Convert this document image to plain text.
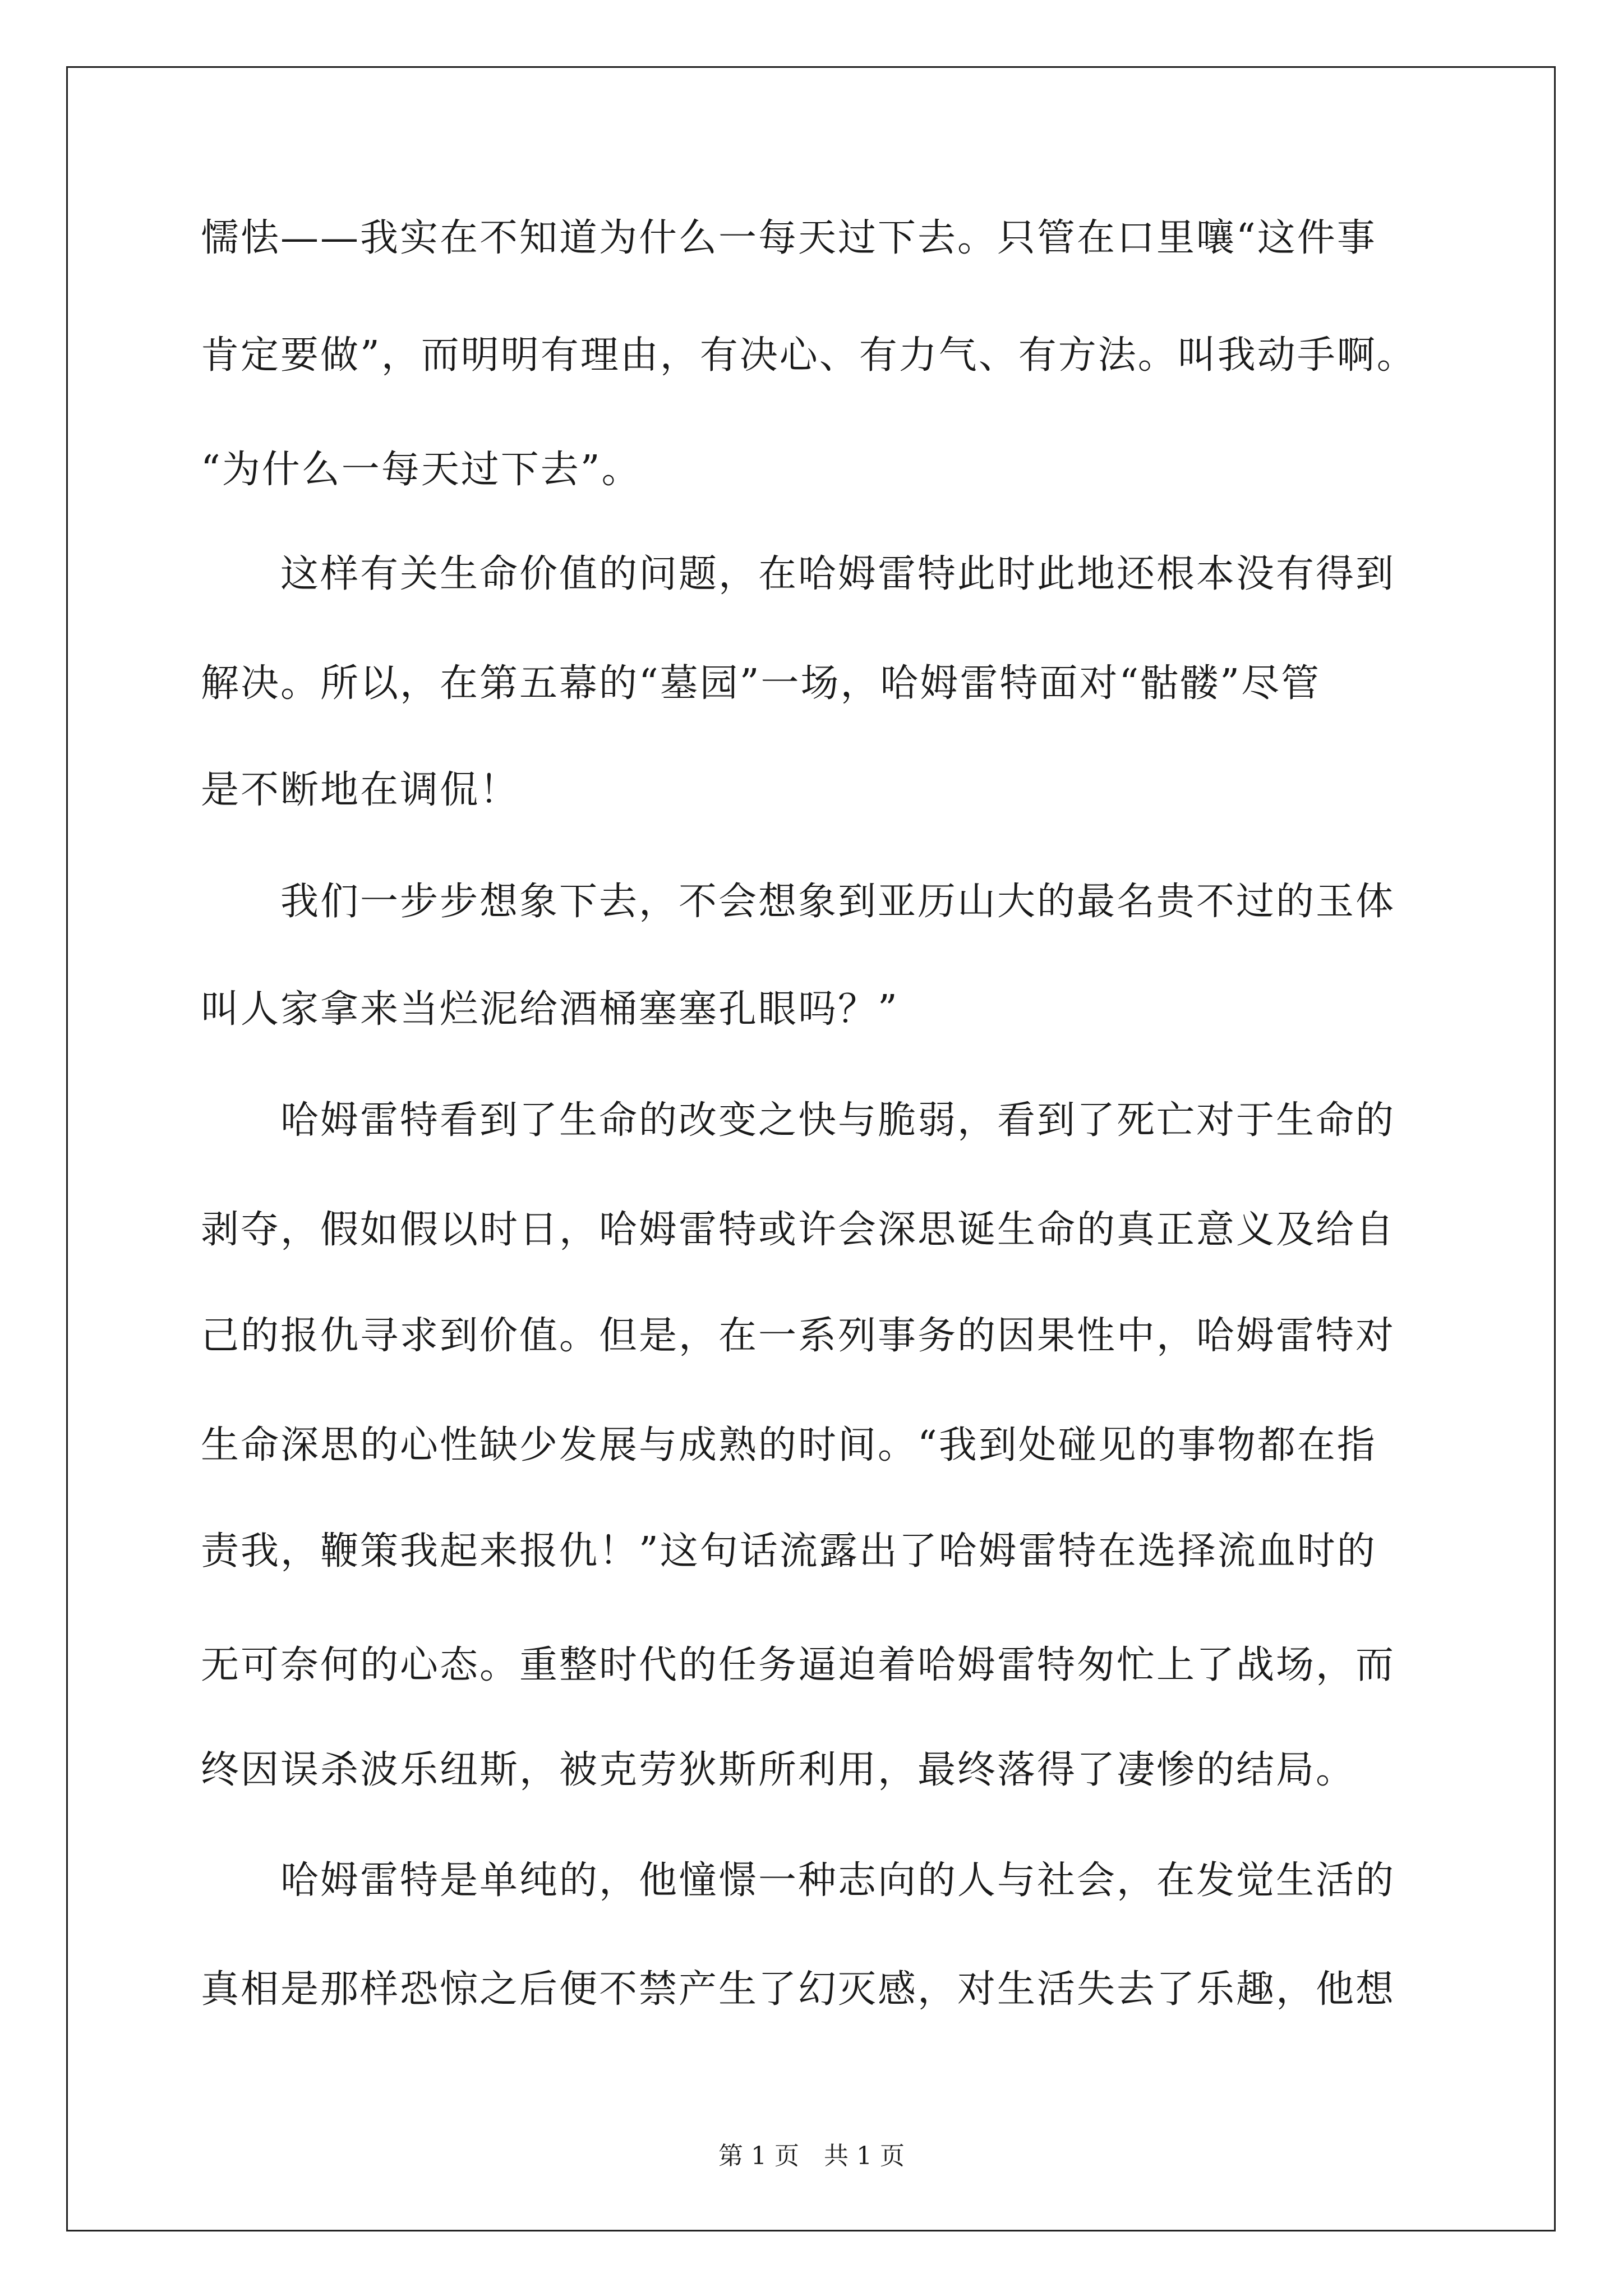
懦怯——我实在不知道为什么一每天过下去。只管在口里嚷“这件事
肯定要做”，而明明有理由，有决心、有力气、有方法。叫我动手啊。
“为什么一每天过下去”。
　　这样有关生命价值的问题，在哈姆雷特此时此地还根本没有得到
解决。所以，在第五幕的“墓园”一场，哈姆雷特面对“骷髅”尽管
是不断地在调侃！
　　我们一步步想象下去，不会想象到亚历山大的最名贵不过的玉体
叫人家拿来当烂泥给酒桶塞塞孔眼吗？”
　　哈姆雷特看到了生命的改变之快与脆弱，看到了死亡对于生命的
剥夺，假如假以时日，哈姆雷特或许会深思诞生命的真正意义及给自
己的报仇寻求到价值。但是，在一系列事务的因果性中，哈姆雷特对
生命深思的心性缺少发展与成熟的时间。“我到处碰见的事物都在指
责我，鞭策我起来报仇！”这句话流露出了哈姆雷特在选择流血时的
无可奈何的心态。重整时代的任务逼迫着哈姆雷特匆忙上了战场，而
终因误杀波乐纽斯，被克劳狄斯所利用，最终落得了凄惨的结局。
　　哈姆雷特是单纯的，他憧憬一种志向的人与社会，在发觉生活的
真相是那样恐惊之后便不禁产生了幻灭感，对生活失去了乐趣，他想
第 1 页　共 1 页
